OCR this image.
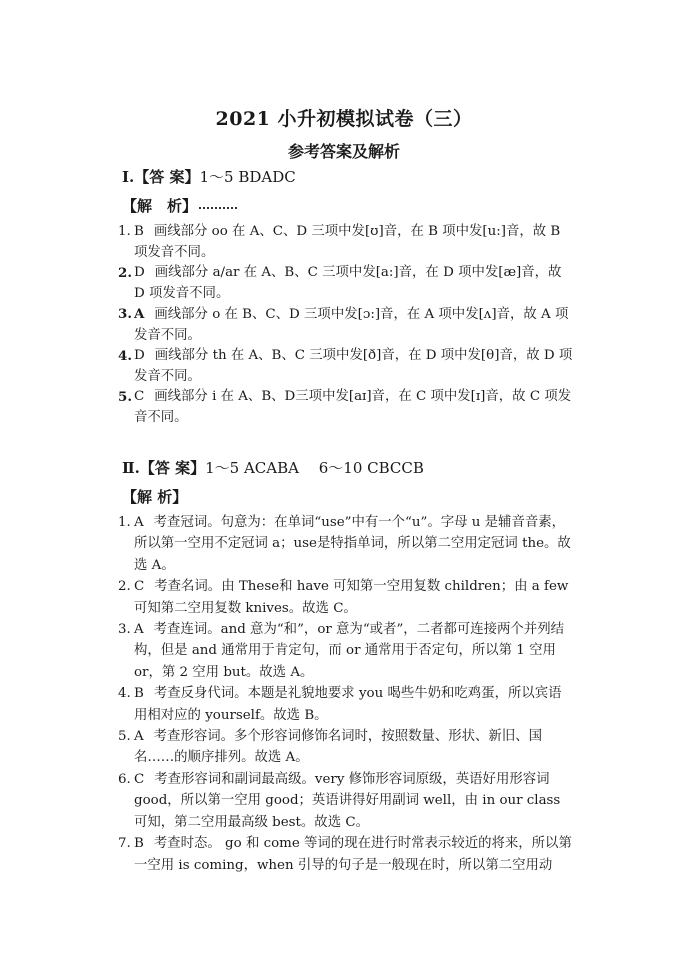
2021 小升初模拟试卷（三）
参考答案及解析
Ⅰ.【答 案】1～5 BDADC
【解　析】

1. B 画线部分 oo 在 A、C、D 三项中发[ʊ]音，在 B 项中发[u:]音，故 B 项发音不同。

2. D 画线部分 a/ar 在 A、B、C 三项中发[a:]音，在 D 项中发[æ]音，故 D 项发音不同。

3. A 画线部分 o 在 B、C、D 三项中发[ɔ:]音，在 A 项中发[ʌ]音，故 A 项发音不同。

4. D 画线部分 th 在 A、B、C 三项中发[ð]音，在 D 项中发[θ]音，故 D 项发音不同。

5. C 画线部分 i 在 A、B、D三项中发[aɪ]音，在 C 项中发[ɪ]音，故 C 项发音不同。

Ⅱ.【答 案】1～5 ACABA　 6～10 CBCCB
【解 析】

1. A 考查冠词。句意为：在单词“use”中有一个“u”。字母 u 是辅音音素，所以第一空用不定冠词 a；use是特指单词，所以第二空用定冠词 the。故选 A。

2. C 考查名词。由 These和 have 可知第一空用复数 children；由 a few 可知第二空用复数 knives。故选 C。

3. A 考查连词。and 意为“和”，or 意为“或者”，二者都可连接两个并列结构，但是 and 通常用于肯定句，而 or 通常用于否定句，所以第 1 空用 or，第 2 空用 but。故选 A。

4. B 考查反身代词。本题是礼貌地要求 you 喝些牛奶和吃鸡蛋，所以宾语用相对应的 yourself。故选 B。

5. A 考查形容词。多个形容词修饰名词时，按照数量、形状、新旧、国名……的顺序排列。故选 A。

6. C 考查形容词和副词最高级。very 修饰形容词原级，英语好用形容词 good，所以第一空用 good；英语讲得好用副词 well，由 in our class 可知，第二空用最高级 best。故选 C。

7. B 考查时态。 go 和 come 等词的现在进行时常表示较近的将来，所以第一空用 is coming，when 引导的句子是一般现在时，所以第二空用动
